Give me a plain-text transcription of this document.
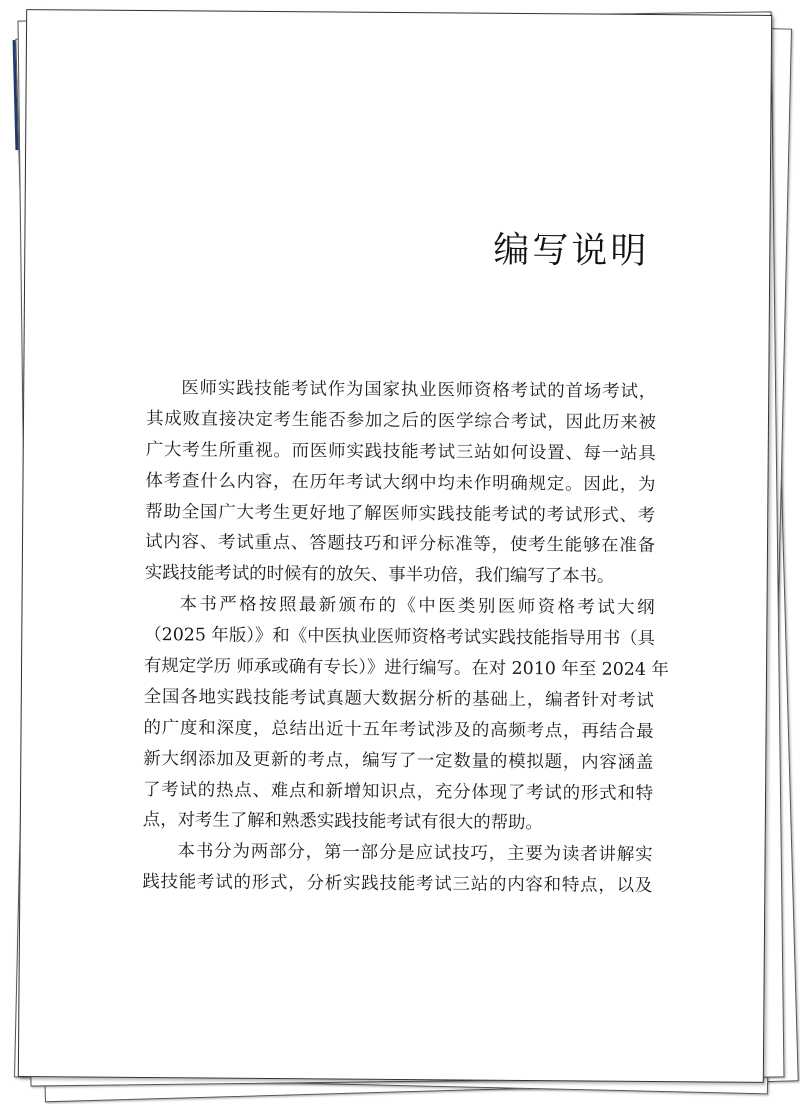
编写说明

医师实践技能考试作为国家执业医师资格考试的首场考试，
其成败直接决定考生能否参加之后的医学综合考试，因此历来被
广大考生所重视。而医师实践技能考试三站如何设置、每一站具
体考查什么内容，在历年考试大纲中均未作明确规定。因此，为
帮助全国广大考生更好地了解医师实践技能考试的考试形式、考
试内容、考试重点、答题技巧和评分标准等，使考生能够在准备
实践技能考试的时候有的放矢、事半功倍，我们编写了本书。

本书严格按照最新颁布的《中医类别医师资格考试大纲
（2025 年版）》和《中医执业医师资格考试实践技能指导用书（具
有规定学历 师承或确有专长）》进行编写。在对 2010 年至 2024 年
全国各地实践技能考试真题大数据分析的基础上，编者针对考试
的广度和深度，总结出近十五年考试涉及的高频考点，再结合最
新大纲添加及更新的考点，编写了一定数量的模拟题，内容涵盖
了考试的热点、难点和新增知识点，充分体现了考试的形式和特
点，对考生了解和熟悉实践技能考试有很大的帮助。

本书分为两部分，第一部分是应试技巧，主要为读者讲解实
践技能考试的形式，分析实践技能考试三站的内容和特点，以及
